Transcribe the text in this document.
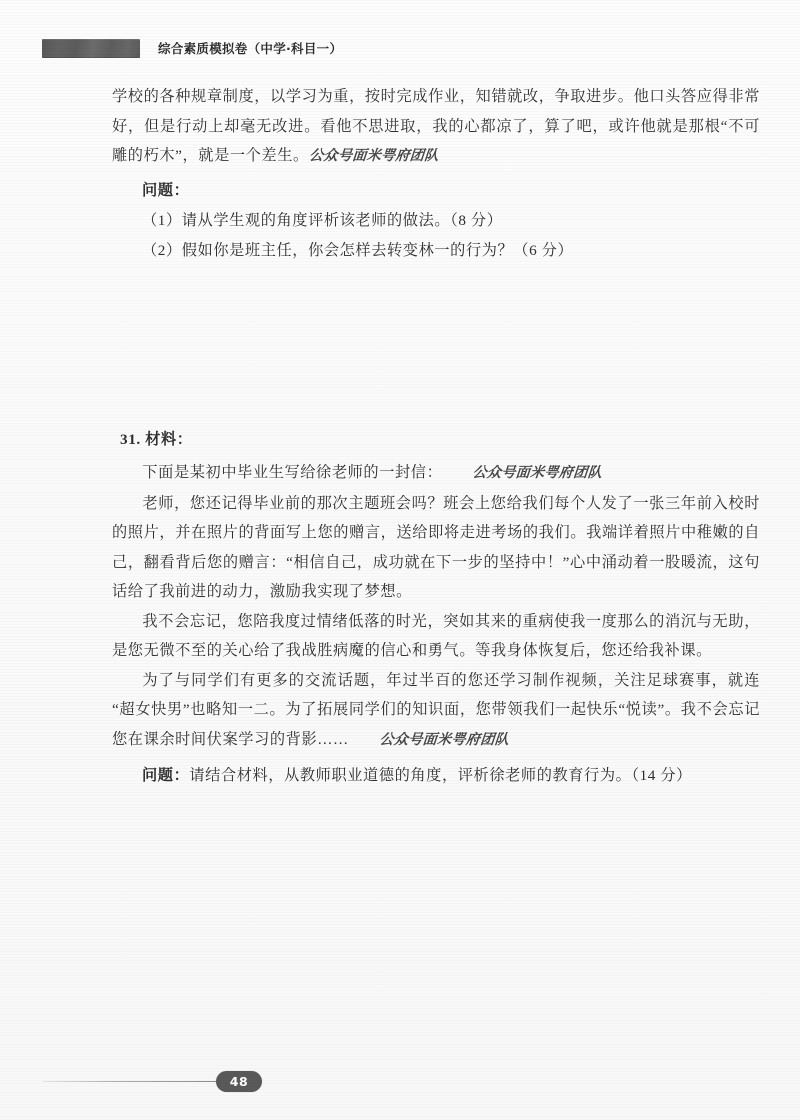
综合素质模拟卷（中学·科目一）

学校的各种规章制度，以学习为重，按时完成作业，知错就改，争取进步。他口头答应得非常好，但是行动上却毫无改进。看他不思进取，我的心都凉了，算了吧，或许他就是那根“不可雕的朽木”，就是一个差生。公众号面米咢府团队

问题：

（1）请从学生观的角度评析该老师的做法。（8 分）

（2）假如你是班主任，你会怎样去转变林一的行为？（6 分）

31. 材料：

下面是某初中毕业生写给徐老师的一封信： 公众号面米咢府团队

老师，您还记得毕业前的那次主题班会吗？班会上您给我们每个人发了一张三年前入校时的照片，并在照片的背面写上您的赠言，送给即将走进考场的我们。我端详着照片中稚嫩的自己，翻看背后您的赠言：“相信自己，成功就在下一步的坚持中！”心中涌动着一股暖流，这句话给了我前进的动力，激励我实现了梦想。

我不会忘记，您陪我度过情绪低落的时光，突如其来的重病使我一度那么的消沉与无助，是您无微不至的关心给了我战胜病魔的信心和勇气。等我身体恢复后，您还给我补课。

为了与同学们有更多的交流话题，年过半百的您还学习制作视频，关注足球赛事，就连“超女快男”也略知一二。为了拓展同学们的知识面，您带领我们一起快乐“悦读”。我不会忘记您在课余时间伏案学习的背影…… 公众号面米咢府团队

问题：请结合材料，从教师职业道德的角度，评析徐老师的教育行为。（14 分）

48
